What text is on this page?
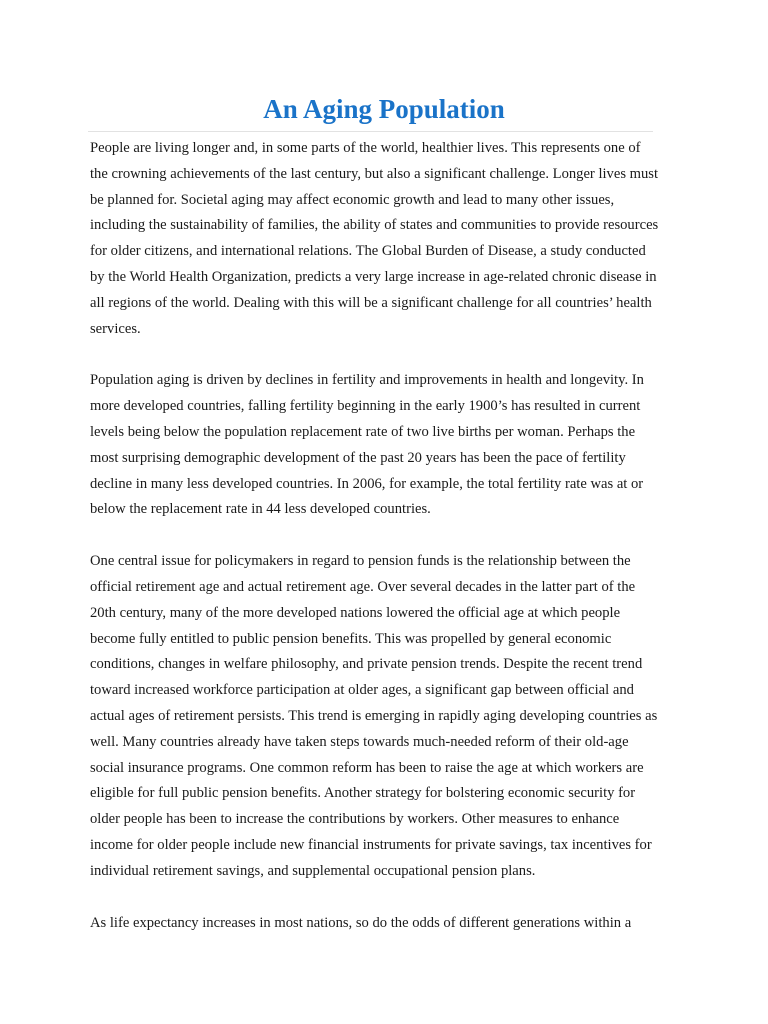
An Aging Population

People are living longer and, in some parts of the world, healthier lives. This represents one of
the crowning achievements of the last century, but also a significant challenge. Longer lives must
be planned for. Societal aging may affect economic growth and lead to many other issues,
including the sustainability of families, the ability of states and communities to provide resources
for older citizens, and international relations. The Global Burden of Disease, a study conducted
by the World Health Organization, predicts a very large increase in age-related chronic disease in
all regions of the world. Dealing with this will be a significant challenge for all countries’ health
services.

Population aging is driven by declines in fertility and improvements in health and longevity. In
more developed countries, falling fertility beginning in the early 1900’s has resulted in current
levels being below the population replacement rate of two live births per woman. Perhaps the
most surprising demographic development of the past 20 years has been the pace of fertility
decline in many less developed countries. In 2006, for example, the total fertility rate was at or
below the replacement rate in 44 less developed countries.

One central issue for policymakers in regard to pension funds is the relationship between the
official retirement age and actual retirement age. Over several decades in the latter part of the
20th century, many of the more developed nations lowered the official age at which people
become fully entitled to public pension benefits. This was propelled by general economic
conditions, changes in welfare philosophy, and private pension trends. Despite the recent trend
toward increased workforce participation at older ages, a significant gap between official and
actual ages of retirement persists. This trend is emerging in rapidly aging developing countries as
well. Many countries already have taken steps towards much-needed reform of their old-age
social insurance programs. One common reform has been to raise the age at which workers are
eligible for full public pension benefits. Another strategy for bolstering economic security for
older people has been to increase the contributions by workers. Other measures to enhance
income for older people include new financial instruments for private savings, tax incentives for
individual retirement savings, and supplemental occupational pension plans.

As life expectancy increases in most nations, so do the odds of different generations within a
